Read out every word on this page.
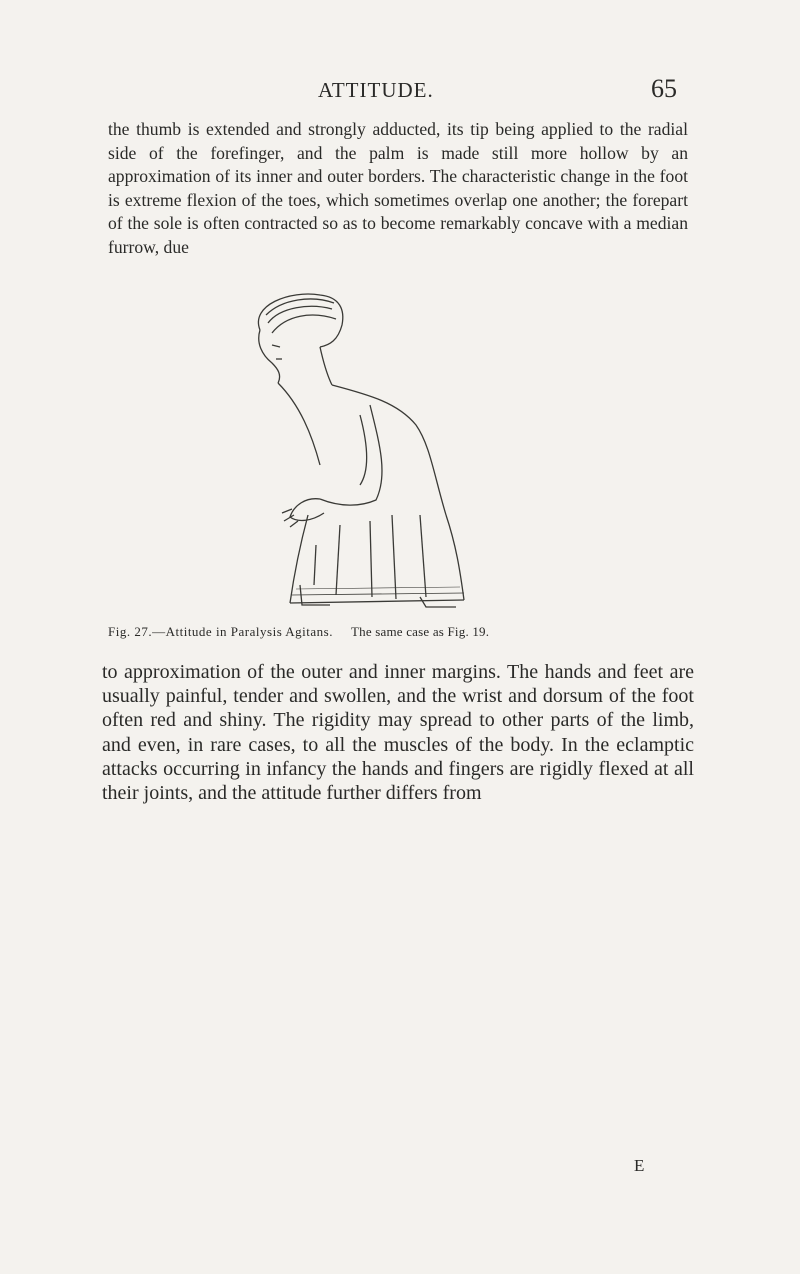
ATTITUDE.	65

the thumb is extended and strongly adducted, its tip being applied to the radial side of the forefinger, and the palm is made still more hollow by an approximation of its inner and outer borders. The characteristic change in the foot is extreme flexion of the toes, which sometimes overlap one another; the forepart of the sole is often contracted so as to become remarkably concave with a median furrow, due

Fig. 27.—Attitude in Paralysis Agitans. The same case as Fig. 19.

to approximation of the outer and inner margins. The hands and feet are usually painful, tender and swollen, and the wrist and dorsum of the foot often red and shiny. The rigidity may spread to other parts of the limb, and even, in rare cases, to all the muscles of the body. In the eclamptic attacks occurring in infancy the hands and fingers are rigidly flexed at all their joints, and the attitude further differs from

E
